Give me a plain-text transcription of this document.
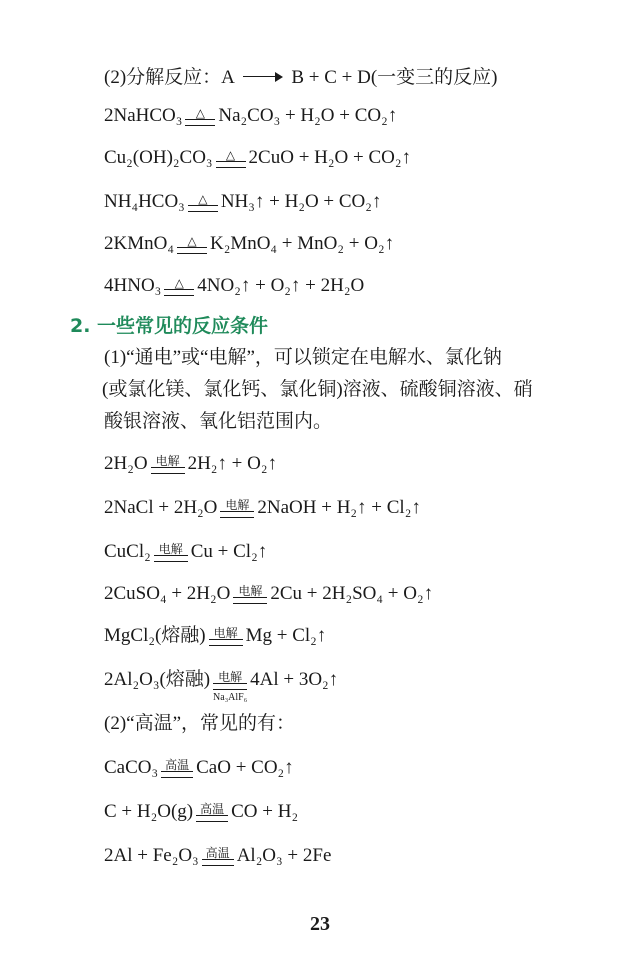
(2)分解反应：A	B + C + D(一变三的反应)
2NaHCO₃ △ Na₂CO₃ + H₂O + CO₂↑
Cu₂(OH)₂CO₃ △ 2CuO + H₂O + CO₂↑
NH₄HCO₃ △ NH₃↑ + H₂O + CO₂↑
2KMnO₄ △ K₂MnO₄ + MnO₂ + O₂↑
4HNO₃ △ 4NO₂↑ + O₂↑ + 2H₂O
2. 一些常见的反应条件
(1)“通电”或“电解”，可以锁定在电解水、氯化钠
(或氯化镁、氯化钙、氯化铜)溶液、硫酸铜溶液、硝
酸银溶液、氧化铝范围内。
2H₂O 电解 2H₂↑ + O₂↑
2NaCl + 2H₂O 电解 2NaOH + H₂↑ + Cl₂↑
CuCl₂ 电解 Cu + Cl₂↑
2CuSO₄ + 2H₂O 电解 2Cu + 2H₂SO₄ + O₂↑
MgCl₂(熔融) 电解 Mg + Cl₂↑
2Al₂O₃(熔融) 电解
Na₃AlF₆
4Al + 3O₂↑
(2)“高温”，常见的有：
CaCO₃ 高温 CaO + CO₂↑
C + H₂O(g) 高温 CO + H₂
2Al + Fe₂O₃ 高温 Al₂O₃ + 2Fe
23
